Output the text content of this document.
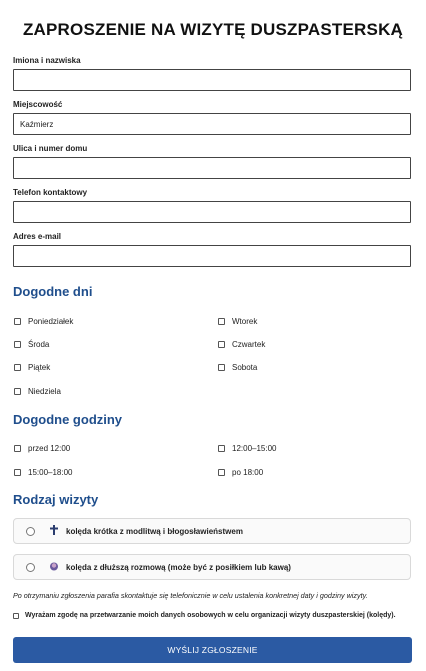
ZAPROSZENIE NA WIZYTĘ DUSZPASTERSKĄ
Imiona i nazwiska
Miejscowość
Kaźmierz
Ulica i numer domu
Telefon kontaktowy
Adres e-mail
Dogodne dni
Poniedziałek	Wtorek
Środa	Czwartek
Piątek	Sobota
Niedziela
Dogodne godziny
przed 12:00	12:00–15:00
15:00–18:00	po 18:00
Rodzaj wizyty
kolęda krótka z modlitwą i błogosławieństwem
kolęda z dłuższą rozmową (może być z posiłkiem lub kawą)
Po otrzymaniu zgłoszenia parafia skontaktuje się telefonicznie w celu ustalenia konkretnej daty i godziny wizyty.
Wyrażam zgodę na przetwarzanie moich danych osobowych w celu organizacji wizyty duszpasterskiej (kolędy).
WYŚLIJ ZGŁOSZENIE
